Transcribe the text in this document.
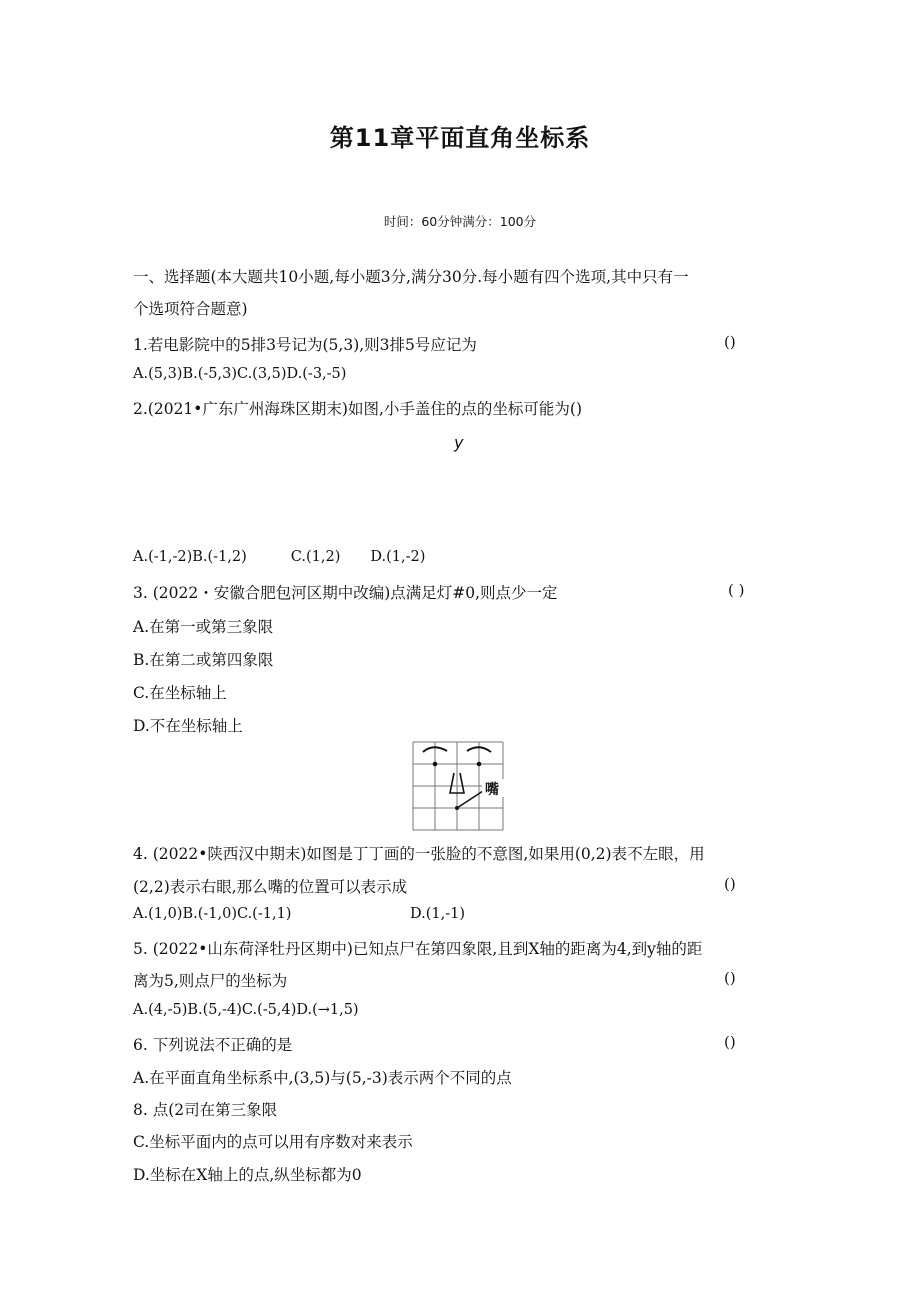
第11章平面直角坐标系
时间：60分钟满分：100分
一、选择题(本大题共10小题,每小题3分,满分30分.每小题有四个选项,其中只有一
个选项符合题意)
1.若电影院中的5排3号记为(5,3),则3排5号应记为	()
A.(5,3)B.(-5,3)C.(3,5)D.(-3,-5)
2.(2021•广东广州海珠区期末)如图,小手盖住的点的坐标可能为()
y
A.(-1,-2)B.(-1,2)	C.(1,2) D.(1,-2)
3. (2022・安徽合肥包河区期中改编)点满足灯#0,则点少一定	( )
A.在第一或第三象限
B.在第二或第四象限
C.在坐标轴上
D.不在坐标轴上
嘴
4. (2022•陕西汉中期末)如图是丁丁画的一张脸的不意图,如果用(0,2)表不左眼，用
(2,2)表示右眼,那么嘴的位置可以表示成	()
A.(1,0)B.(-1,0)C.(-1,1)	D.(1,-1)
5. (2022•山东荷泽牡丹区期中)已知点尸在第四象限,且到X轴的距离为4,到y轴的距
离为5,则点尸的坐标为	()
A.(4,-5)B.(5,-4)C.(-5,4)D.(→1,5)
6. 下列说法不正确的是	()
A.在平面直角坐标系中,(3,5)与(5,-3)表示两个不同的点
8. 点(2司在第三象限
C.坐标平面内的点可以用有序数对来表示
D.坐标在X轴上的点,纵坐标都为0
